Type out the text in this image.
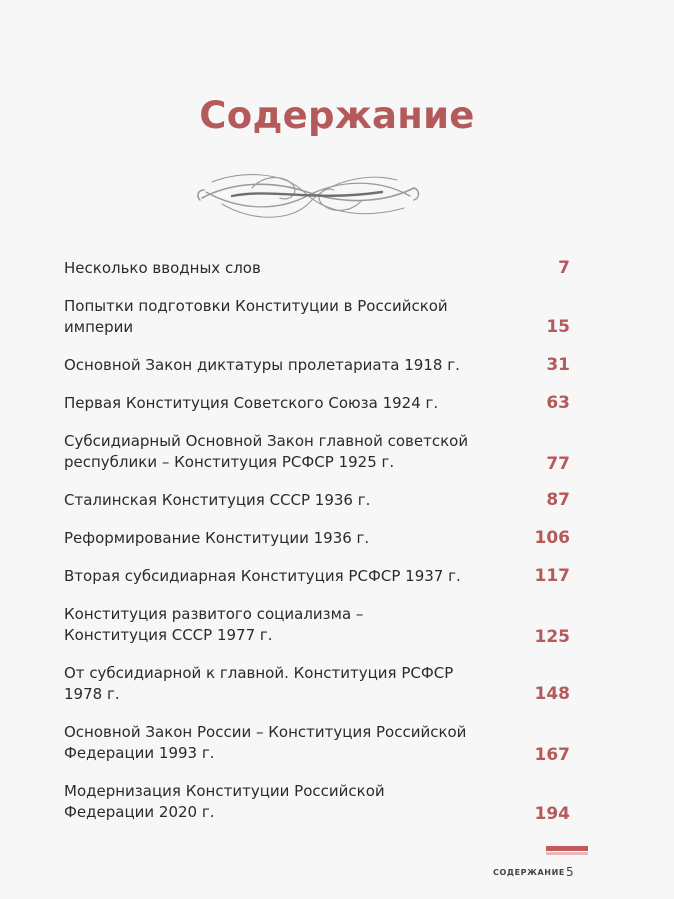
Содержание
Несколько вводных слов	7
Попытки подготовки Конституции в Российской империи	15
Основной Закон диктатуры пролетариата 1918 г.	31
Первая Конституция Советского Союза 1924 г.	63
Субсидиарный Основной Закон главной советской
республики – Конституция РСФСР 1925 г.	77
Сталинская Конституция СССР 1936 г.	87
Реформирование Конституции 1936 г.	106
Вторая субсидиарная Конституция РСФСР 1937 г.	117
Конституция развитого социализма –
Конституция СССР 1977 г.	125
От субсидиарной к главной. Конституция РСФСР 1978 г.	148
Основной Закон России – Конституция Российской
Федерации 1993 г.	167
Модернизация Конституции Российской
Федерации 2020 г.	194
СОДЕРЖАНИЕ 5
